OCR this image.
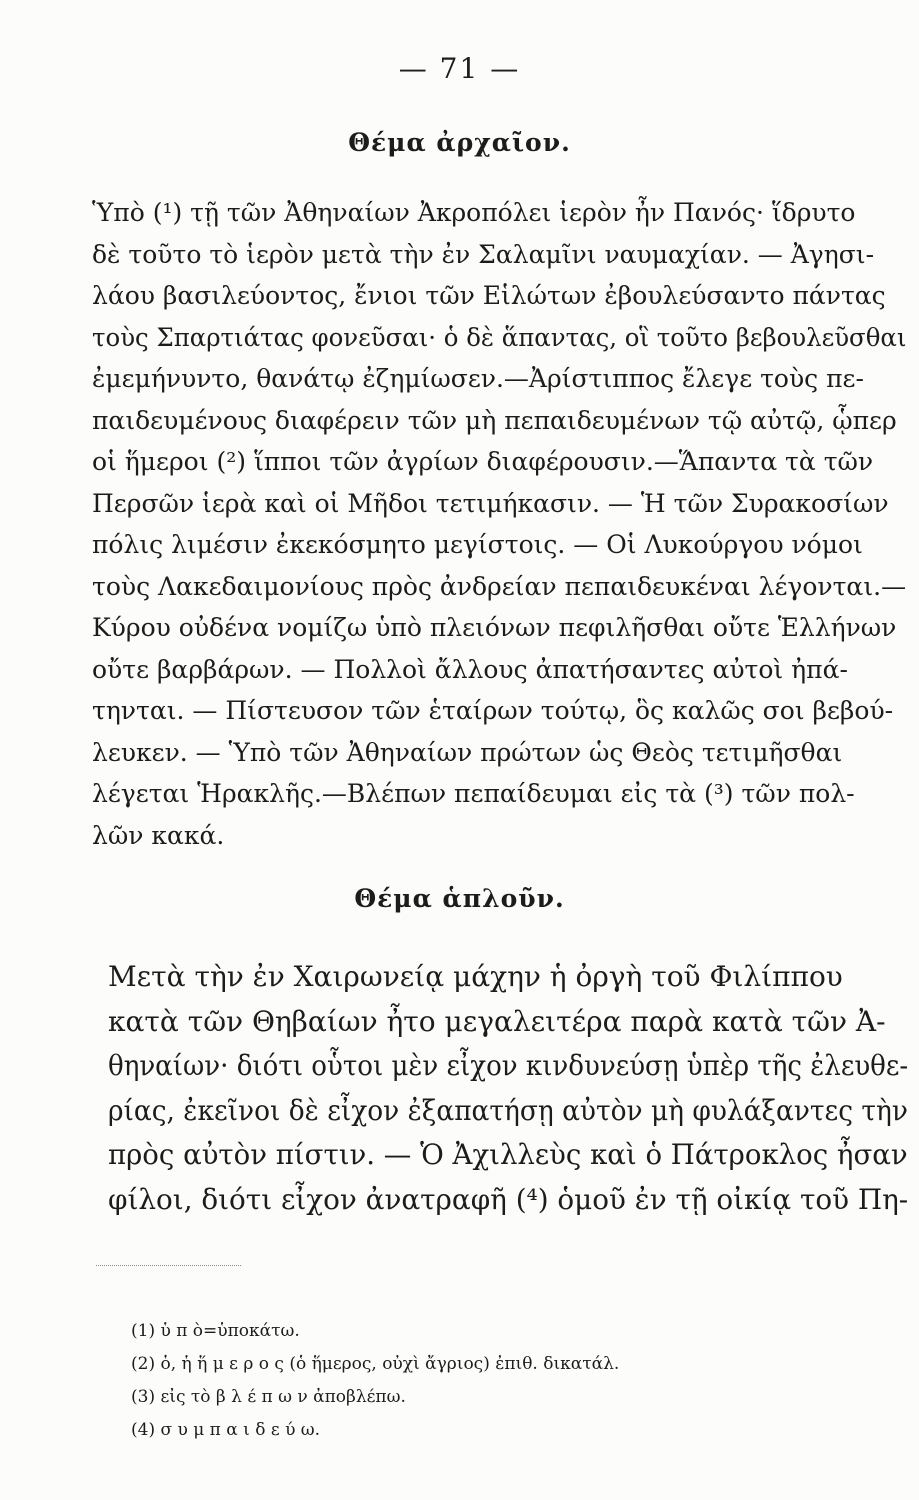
— 71 —
Θέμα ἀρχαῖον.

Ὑπὸ (¹) τῇ τῶν Ἀθηναίων Ἀκροπόλει ἱερὸν ἦν Πανός· ἵδρυτο
δὲ τοῦτο τὸ ἱερὸν μετὰ τὴν ἐν Σαλαμῖνι ναυμαχίαν. — Ἀγησι-
λάου βασιλεύοντος, ἔνιοι τῶν Εἱλώτων ἐβουλεύσαντο πάντας
τοὺς Σπαρτιάτας φονεῦσαι· ὁ δὲ ἅπαντας, οἳ τοῦτο βεβουλεῦσθαι
ἐμεμήνυντο, θανάτῳ ἐζημίωσεν.—Ἀρίστιππος ἔλεγε τοὺς πε-
παιδευμένους διαφέρειν τῶν μὴ πεπαιδευμένων τῷ αὐτῷ, ᾧπερ
οἱ ἥμεροι (²) ἵπποι τῶν ἀγρίων διαφέρουσιν.—Ἅπαντα τὰ τῶν
Περσῶν ἱερὰ καὶ οἱ Μῆδοι τετιμήκασιν. — Ἡ τῶν Συρακοσίων
πόλις λιμέσιν ἐκεκόσμητο μεγίστοις. — Οἱ Λυκούργου νόμοι
τοὺς Λακεδαιμονίους πρὸς ἀνδρείαν πεπαιδευκέναι λέγονται.—
Κύρου οὐδένα νομίζω ὑπὸ πλειόνων πεφιλῆσθαι οὔτε Ἑλλήνων
οὔτε βαρβάρων. — Πολλοὶ ἄλλους ἀπατήσαντες αὐτοὶ ἠπά-
τηνται. — Πίστευσον τῶν ἑταίρων τούτῳ, ὃς καλῶς σοι βεβού-
λευκεν. — Ὑπὸ τῶν Ἀθηναίων πρώτων ὡς Θεὸς τετιμῆσθαι
λέγεται Ἡρακλῆς.—Βλέπων πεπαίδευμαι εἰς τὰ (³) τῶν πολ-
λῶν κακά.

Θέμα ἁπλοῦν.

Μετὰ τὴν ἐν Χαιρωνείᾳ μάχην ἡ ὀργὴ τοῦ Φιλίππου
κατὰ τῶν Θηβαίων ἦτο μεγαλειτέρα παρὰ κατὰ τῶν Ἀ-
θηναίων· διότι οὗτοι μὲν εἶχον κινδυνεύσῃ ὑπὲρ τῆς ἐλευθε-
ρίας, ἐκεῖνοι δὲ εἶχον ἐξαπατήσῃ αὐτὸν μὴ φυλάξαντες τὴν
πρὸς αὐτὸν πίστιν. — Ὁ Ἀχιλλεὺς καὶ ὁ Πάτροκλος ἦσαν
φίλοι, διότι εἶχον ἀνατραφῆ (⁴) ὁμοῦ ἐν τῇ οἰκίᾳ τοῦ Πη-

(1) ὑ π ὸ=ὑποκάτω.
(2) ὁ, ἡ ἥ μ ε ρ ο ς (ὁ ἥμερος, οὐχὶ ἄγριος) ἐπιθ. δικατάλ.
(3) εἰς τὸ β λ έ π ω ν ἀποβλέπω.
(4) σ υ μ π α ι δ ε ύ ω.
